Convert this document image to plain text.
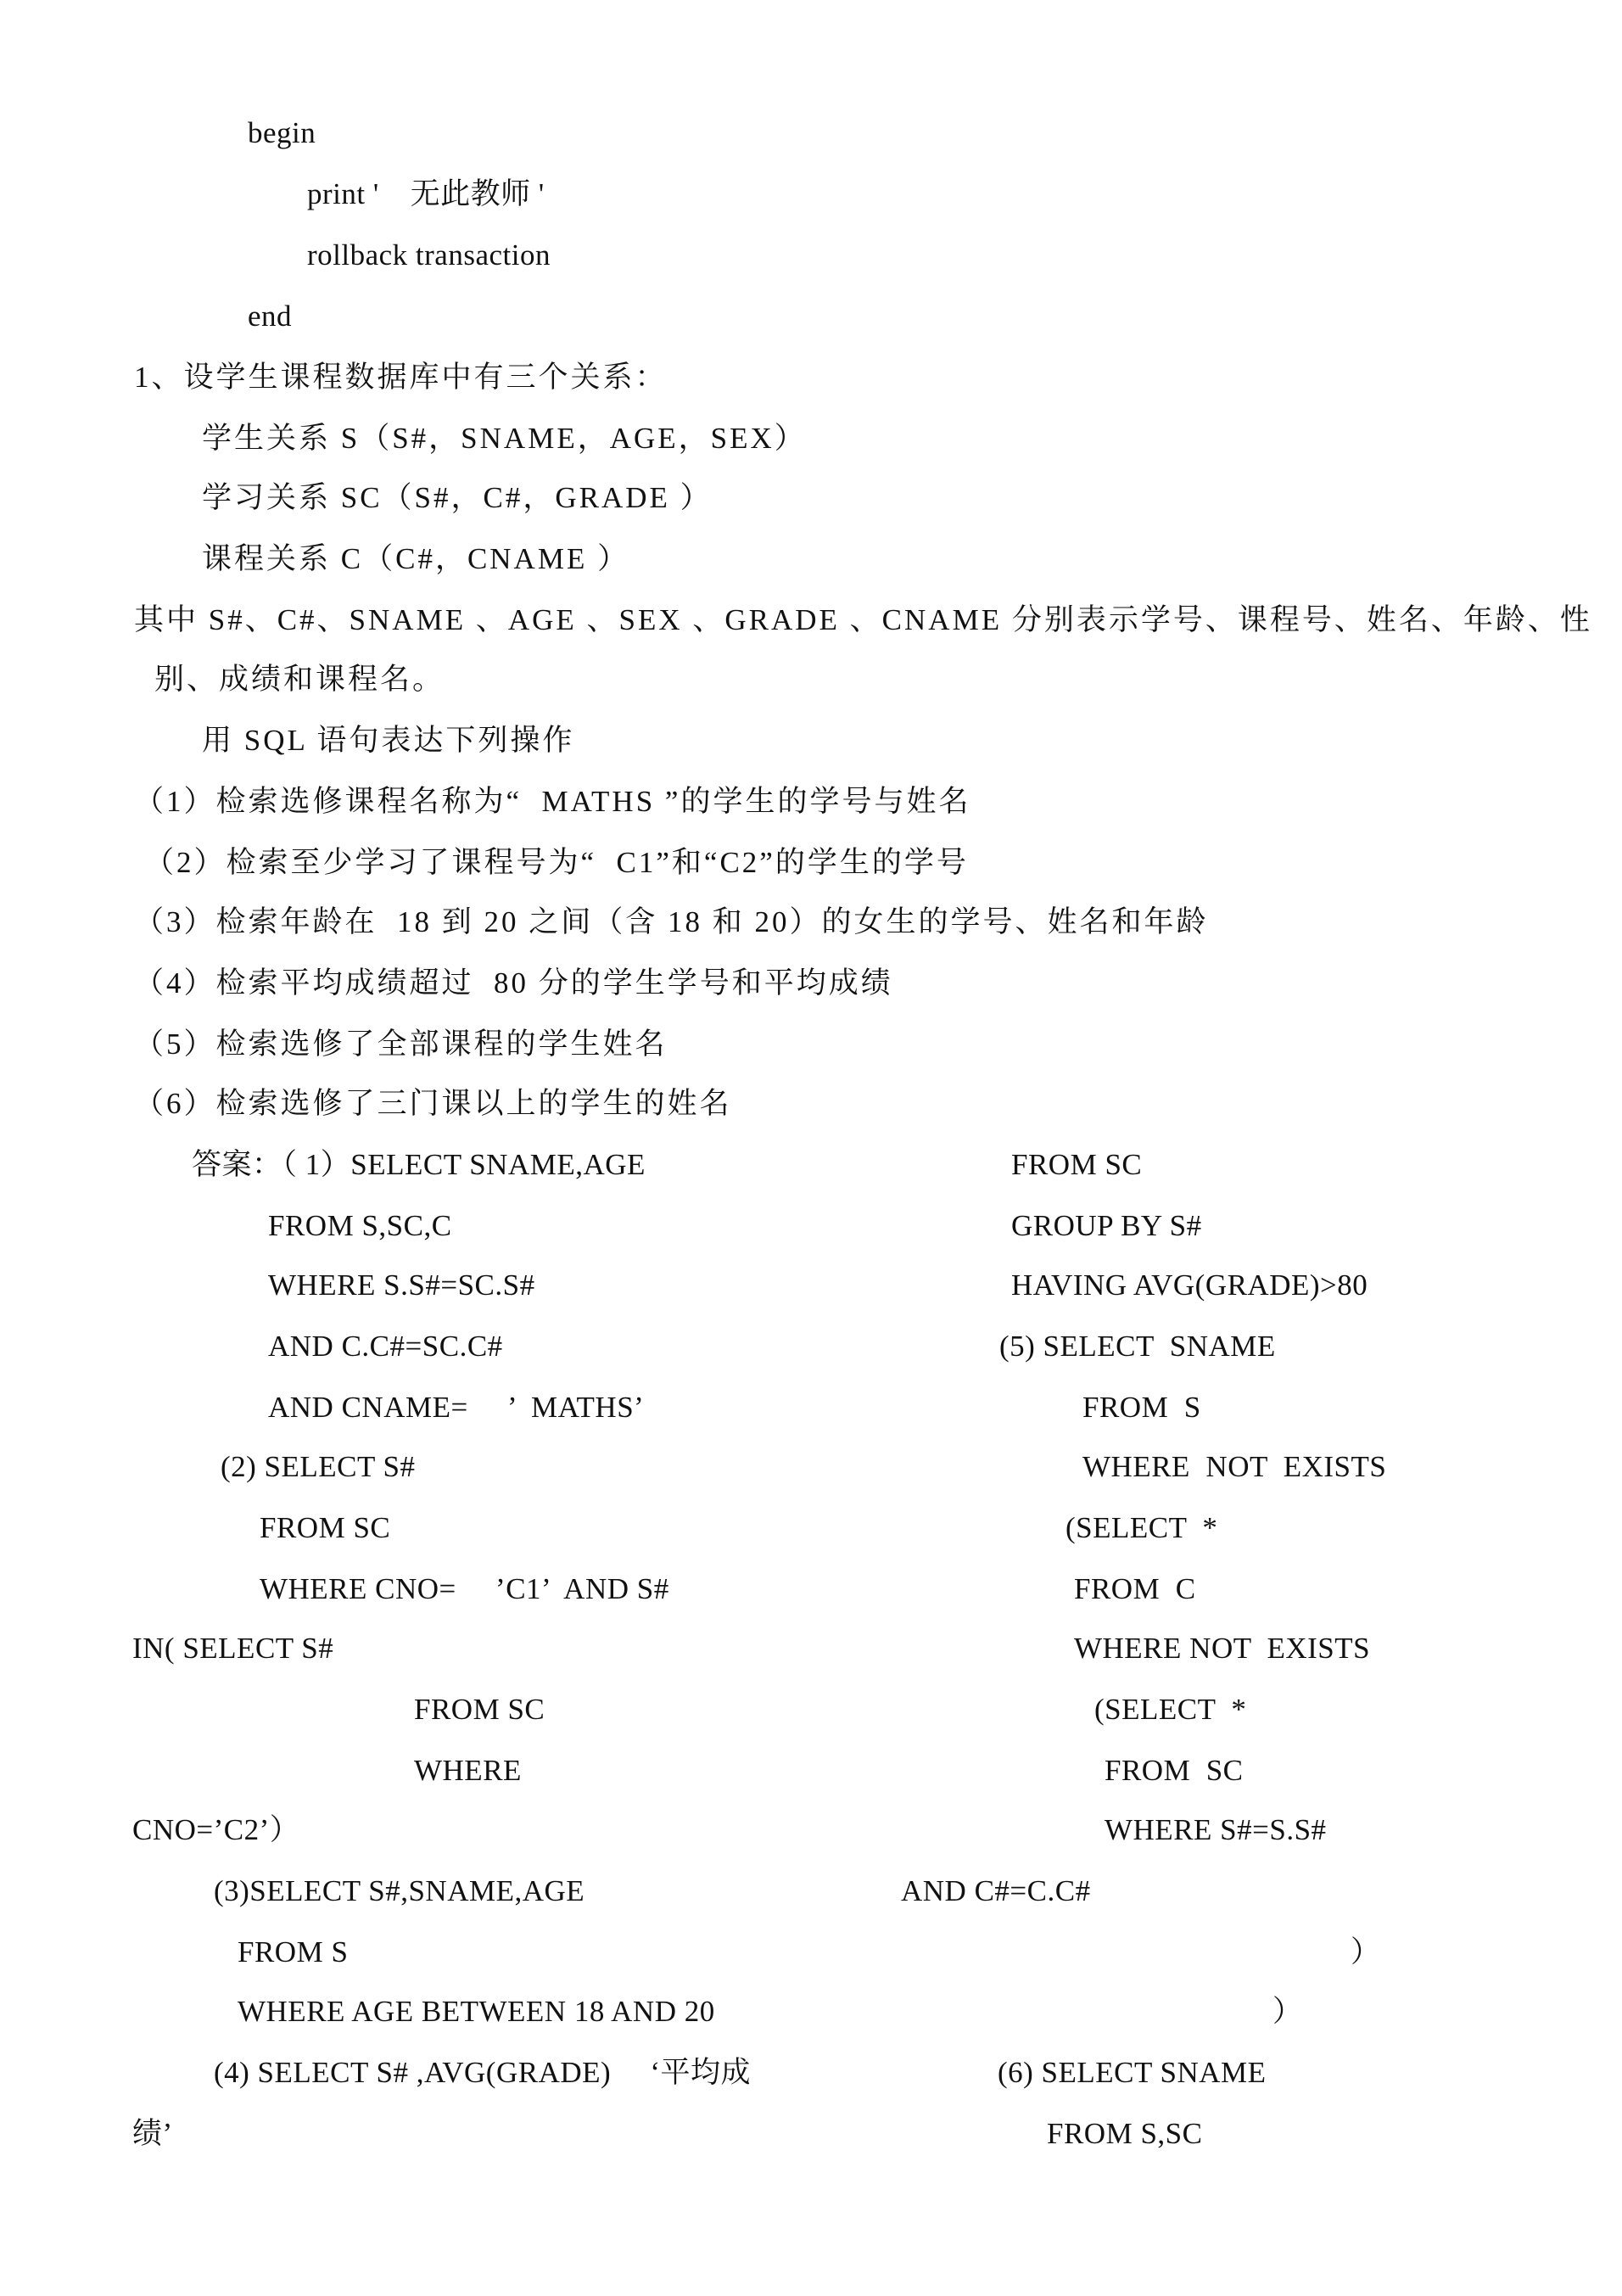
begin
print '    无此教师 '
rollback transaction
end
1、设学生课程数据库中有三个关系：
学生关系 S（S#，SNAME，AGE，SEX）
学习关系 SC（S#，C#，GRADE ）
课程关系 C（C#，CNAME ）
其中 S#、C#、SNAME 、AGE 、SEX 、GRADE 、CNAME 分别表示学号、课程号、姓名、年龄、性
别、成绩和课程名。
用 SQL 语句表达下列操作
（1）检索选修课程名称为“  MATHS ”的学生的学号与姓名
（2）检索至少学习了课程号为“  C1”和“C2”的学生的学号
（3）检索年龄在  18 到 20 之间（含 18 和 20）的女生的学号、姓名和年龄
（4）检索平均成绩超过  80 分的学生学号和平均成绩
（5）检索选修了全部课程的学生姓名
（6）检索选修了三门课以上的学生的姓名
答案：（ 1）SELECT SNAME,AGE
FROM S,SC,C
WHERE S.S#=SC.S#
AND C.C#=SC.C#
AND CNAME=     ’  MATHS’
(2) SELECT S#
FROM SC
WHERE CNO=     ’C1’  AND S#
IN( SELECT S#
FROM SC
WHERE
CNO=’C2’）
(3)SELECT S#,SNAME,AGE
FROM S
WHERE AGE BETWEEN 18 AND 20
(4) SELECT S# ,AVG(GRADE)     ‘平均成
绩’
FROM SC
GROUP BY S#
HAVING AVG(GRADE)>80
(5) SELECT  SNAME
FROM  S
WHERE  NOT  EXISTS
(SELECT  *
FROM  C
WHERE NOT  EXISTS
(SELECT  *
FROM  SC
WHERE S#=S.S#
AND C#=C.C#
）
）
(6) SELECT SNAME
FROM S,SC
